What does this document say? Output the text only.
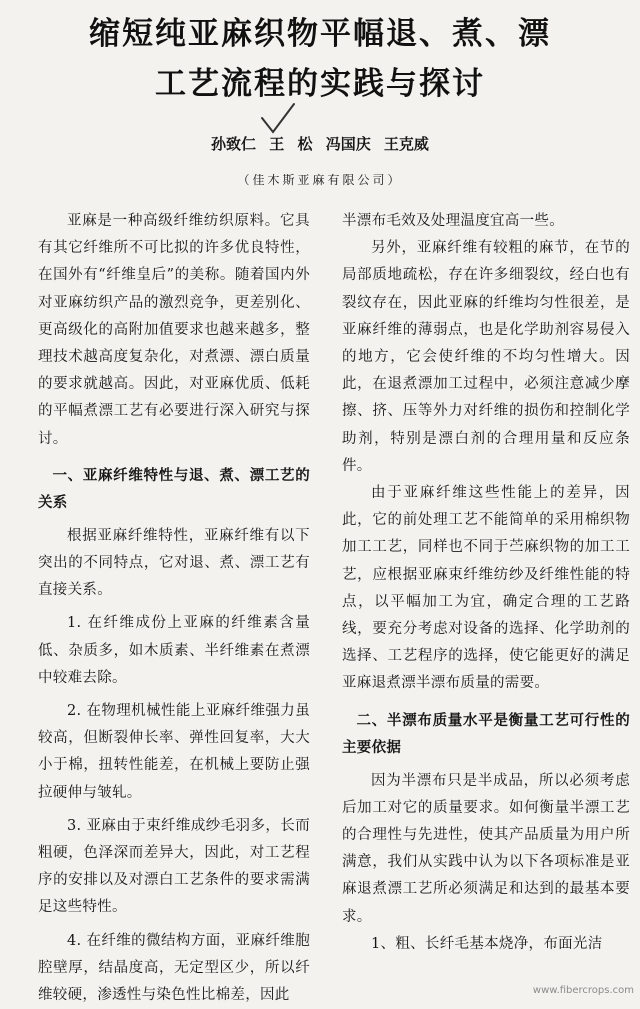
缩短纯亚麻织物平幅退、煮、漂
工艺流程的实践与探讨
孙致仁 王 松 冯国庆 王克威
（佳木斯亚麻有限公司）

亚麻是一种高级纤维纺织原料。它具有其它纤维所不可比拟的许多优良特性，在国外有“纤维皇后”的美称。随着国内外对亚麻纺织产品的激烈竞争，更差别化、更高级化的高附加值要求也越来越多，整理技术越高度复杂化，对煮漂、漂白质量的要求就越高。因此，对亚麻优质、低耗的平幅煮漂工艺有必要进行深入研究与探讨。

一、亚麻纤维特性与退、煮、漂工艺的关系

根据亚麻纤维特性，亚麻纤维有以下突出的不同特点，它对退、煮、漂工艺有直接关系。

1. 在纤维成份上亚麻的纤维素含量低、杂质多，如木质素、半纤维素在煮漂中较难去除。

2. 在物理机械性能上亚麻纤维强力虽较高，但断裂伸长率、弹性回复率，大大小于棉，扭转性能差，在机械上要防止强拉硬伸与皱轧。

3. 亚麻由于束纤维成纱毛羽多，长而粗硬，色泽深而差异大，因此，对工艺程序的安排以及对漂白工艺条件的要求需满足这些特性。

4. 在纤维的微结构方面，亚麻纤维胞腔壁厚，结晶度高，无定型区少，所以纤维较硬，渗透性与染色性比棉差，因此

半漂布毛效及处理温度宜高一些。

另外，亚麻纤维有较粗的麻节，在节的局部质地疏松，存在许多细裂纹，经白也有裂纹存在，因此亚麻的纤维均匀性很差，是亚麻纤维的薄弱点，也是化学助剂容易侵入的地方，它会使纤维的不均匀性增大。因此，在退煮漂加工过程中，必须注意减少摩擦、挤、压等外力对纤维的损伤和控制化学助剂，特别是漂白剂的合理用量和反应条件。

由于亚麻纤维这些性能上的差异，因此，它的前处理工艺不能简单的采用棉织物加工工艺，同样也不同于苎麻织物的加工工艺，应根据亚麻束纤维纺纱及纤维性能的特点，以平幅加工为宜，确定合理的工艺路线，要充分考虑对设备的选择、化学助剂的选择、工艺程序的选择，使它能更好的满足亚麻退煮漂半漂布质量的需要。

二、半漂布质量水平是衡量工艺可行性的主要依据

因为半漂布只是半成品，所以必须考虑后加工对它的质量要求。如何衡量半漂工艺的合理性与先进性，使其产品质量为用户所满意，我们从实践中认为以下各项标准是亚麻退煮漂工艺所必须满足和达到的最基本要求。

1、粗、长纤毛基本烧净，布面光洁

www.fibercrops.com
